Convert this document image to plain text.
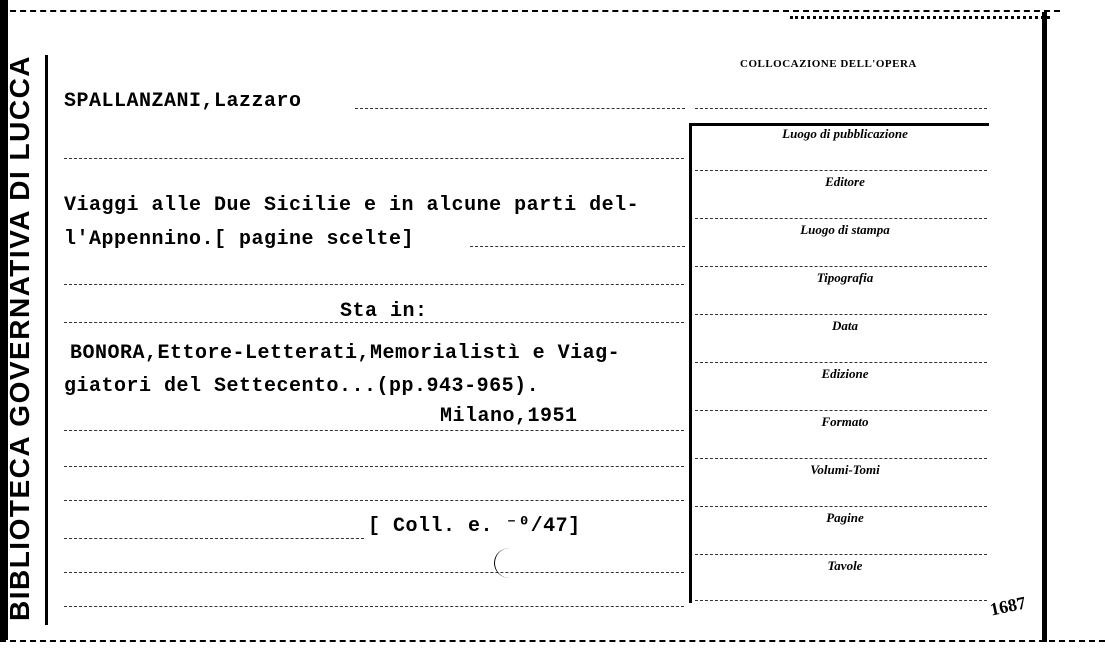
BIBLIOTECA GOVERNATIVA DI LUCCA	SPALLANZANI,Lazzaro
Viaggi alle Due Sicilie e in alcune parti del-
l'Appennino.[ pagine scelte]
Sta in:
BONORA,Ettore-Letterati,Memorialistì e Viag-
giatori del Settecento...(pp.943-965).
Milano,1951
[ Coll. e. ⁻⁰/47]
COLLOCAZIONE DELL'OPERA
Luogo di pubblicazione
Editore
Luogo di stampa
Tipografia
Data
Edizione
Formato
Volumi-Tomi
Pagine
Tavole
1687
